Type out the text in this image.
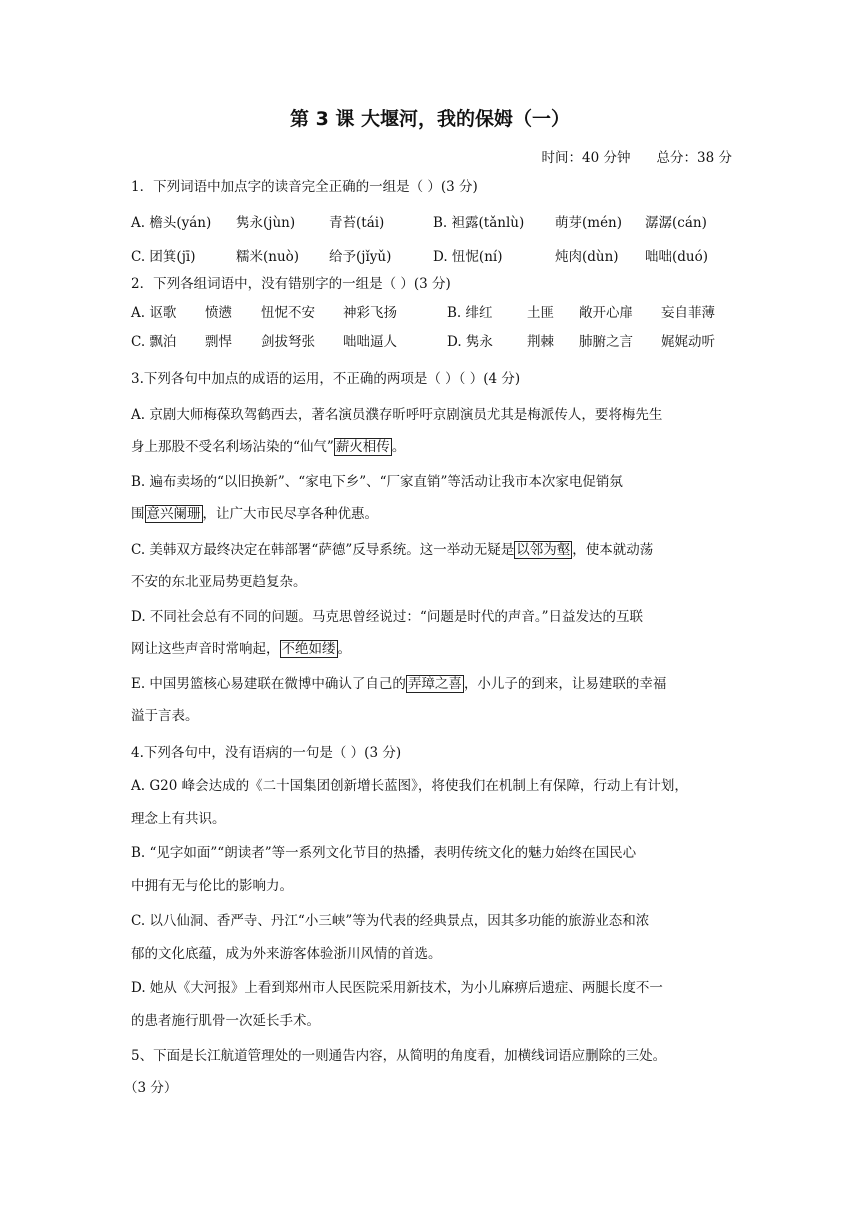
第 3 课 大堰河，我的保姆（一）
时间：40 分钟 总分：38 分
1．下列词语中加点字的读音完全正确的一组是（ ）(3 分)
A. 檐头(yán) 隽永(jùn)	青苔(tái)	B. 袒露(tǎnlù) 萌芽(mén) 潺潺(cán)
C. 团箕(jī)	糯米(nuò) 给予(jǐyǔ)	D. 忸怩(ní)	炖肉(dùn) 咄咄(duó)
2．下列各组词语中，没有错别字的一组是（ ）(3 分)
A. 讴歌 愤懑 忸怩不安 神彩飞扬	B. 绯红	土匪 敞开心扉 妄自菲薄
C. 飘泊 剽悍 剑拔弩张 咄咄逼人	D. 隽永	荆棘 肺腑之言 娓娓动听
3.下列各句中加点的成语的运用，不正确的两项是（ ）（ ）(4 分)
A. 京剧大师梅葆玖驾鹤西去，著名演员濮存昕呼吁京剧演员尤其是梅派传人，要将梅先生
身上那股不受名利场沾染的“仙气” 薪火相传 。
B. 遍布卖场的“以旧换新”、“家电下乡”、“厂家直销”等活动让我市本次家电促销氛
围 意兴阑珊 ，让广大市民尽享各种优惠。
C. 美韩双方最终决定在韩部署“萨德”反导系统。这一举动无疑是 以邻为壑 ，使本就动荡
不安的东北亚局势更趋复杂。
D. 不同社会总有不同的问题。马克思曾经说过：“问题是时代的声音。”日益发达的互联
网让这些声音时常响起， 不绝如缕 。
E. 中国男篮核心易建联在微博中确认了自己的 弄璋之喜 ，小儿子的到来，让易建联的幸福
溢于言表。
4.下列各句中，没有语病的一句是（ ）(3 分)
A. G20 峰会达成的《二十国集团创新增长蓝图》，将使我们在机制上有保障，行动上有计划，
理念上有共识。
B. “见字如面”“朗读者”等一系列文化节目的热播，表明传统文化的魅力始终在国民心
中拥有无与伦比的影响力。
C. 以八仙洞、香严寺、丹江“小三峡”等为代表的经典景点，因其多功能的旅游业态和浓
郁的文化底蕴，成为外来游客体验浙川风情的首选。
D. 她从《大河报》上看到郑州市人民医院采用新技术，为小儿麻痹后遗症、两腿长度不一
的患者施行肌骨一次延长手术。
5、下面是长江航道管理处的一则通告内容，从简明的角度看，加横线词语应删除的三处。
（3 分）
